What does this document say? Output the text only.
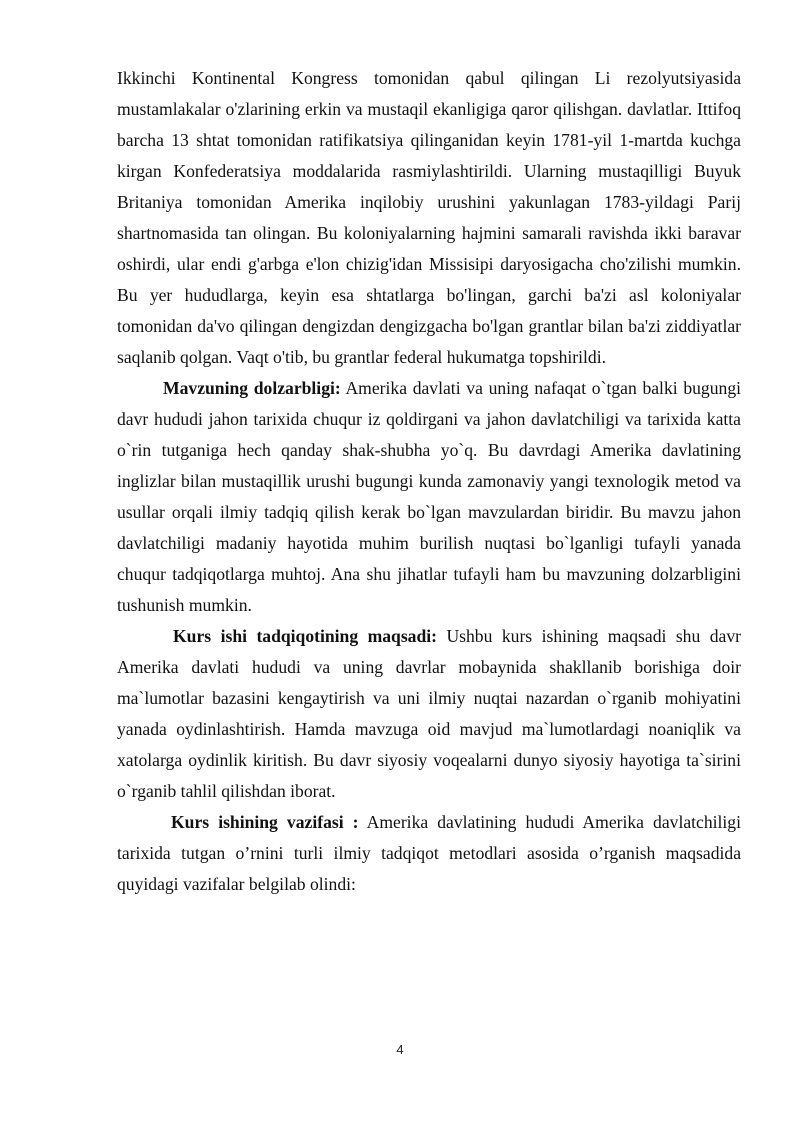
Ikkinchi Kontinental Kongress tomonidan qabul qilingan Li rezolyutsiyasida mustamlakalar o'zlarining erkin va mustaqil ekanligiga qaror qilishgan. davlatlar. Ittifoq barcha 13 shtat tomonidan ratifikatsiya qilinganidan keyin 1781-yil 1-martda kuchga kirgan Konfederatsiya moddalarida rasmiylashtirildi. Ularning mustaqilligi Buyuk Britaniya tomonidan Amerika inqilobiy urushini yakunlagan 1783-yildagi Parij shartnomasida tan olingan. Bu koloniyalarning hajmini samarali ravishda ikki baravar oshirdi, ular endi g'arbga e'lon chizig'idan Missisipi daryosigacha cho'zilishi mumkin. Bu yer hududlarga, keyin esa shtatlarga bo'lingan, garchi ba'zi asl koloniyalar tomonidan da'vo qilingan dengizdan dengizgacha bo'lgan grantlar bilan ba'zi ziddiyatlar saqlanib qolgan. Vaqt o'tib, bu grantlar federal hukumatga topshirildi.

Mavzuning dolzarbligi: Amerika davlati va uning nafaqat o`tgan balki bugungi davr hududi jahon tarixida chuqur iz qoldirgani va jahon davlatchiligi va tarixida katta o`rin tutganiga hech qanday shak-shubha yo`q. Bu davrdagi Amerika davlatining inglizlar bilan mustaqillik urushi bugungi kunda zamonaviy yangi texnologik metod va usullar orqali ilmiy tadqiq qilish kerak bo`lgan mavzulardan biridir. Bu mavzu jahon davlatchiligi madaniy hayotida muhim burilish nuqtasi bo`lganligi tufayli yanada chuqur tadqiqotlarga muhtoj. Ana shu jihatlar tufayli ham bu mavzuning dolzarbligini tushunish mumkin.

Kurs ishi tadqiqotining maqsadi: Ushbu kurs ishining maqsadi shu davr Amerika davlati hududi va uning davrlar mobaynida shakllanib borishiga doir ma`lumotlar bazasini kengaytirish va uni ilmiy nuqtai nazardan o`rganib mohiyatini yanada oydinlashtirish. Hamda mavzuga oid mavjud ma`lumotlardagi noaniqlik va xatolarga oydinlik kiritish. Bu davr siyosiy voqealarni dunyo siyosiy hayotiga ta`sirini o`rganib tahlil qilishdan iborat.

Kurs ishining vazifasi : Amerika davlatining hududi Amerika davlatchiligi tarixida tutgan o’rnini turli ilmiy tadqiqot metodlari asosida o’rganish maqsadida quyidagi vazifalar belgilab olindi:

4
